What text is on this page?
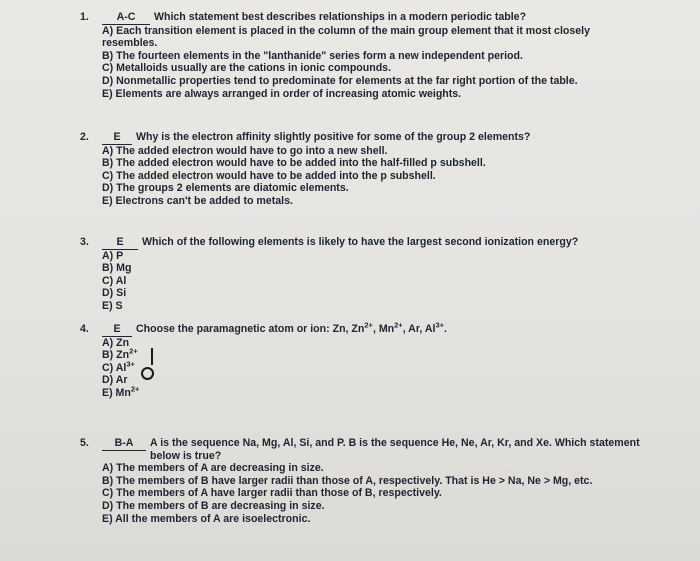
1.	A-C	Which statement best describes relationships in a modern periodic table?
A) Each transition element is placed in the column of the main group element that it most closely resembles.
B) The fourteen elements in the "lanthanide" series form a new independent period.
C) Metalloids usually are the cations in ionic compounds.
D) Nonmetallic properties tend to predominate for elements at the far right portion of the table.
E) Elements are always arranged in order of increasing atomic weights.
2.	E	Why is the electron affinity slightly positive for some of the group 2 elements?
A) The added electron would have to go into a new shell.
B) The added electron would have to be added into the half-filled p subshell.
C) The added electron would have to be added into the p subshell.
D) The groups 2 elements are diatomic elements.
E) Electrons can't be added to metals.
3.	E	Which of the following elements is likely to have the largest second ionization energy?
A) P
B) Mg
C) Al
D) Si
E) S
4.	E	Choose the paramagnetic atom or ion: Zn, $Zn^{2+}$, $Mn^{2+}$, Ar, $Al^{3+}$.
A) Zn
B) $Zn^{2+}$
C) $Al^{3+}$
D) Ar
E) $Mn^{2+}$
5.	B-A	A is the sequence Na, Mg, Al, Si, and P. B is the sequence He, Ne, Ar, Kr, and Xe. Which statement below is true?
A) The members of A are decreasing in size.
B) The members of B have larger radii than those of A, respectively. That is He > Na, Ne > Mg, etc.
C) The members of A have larger radii than those of B, respectively.
D) The members of B are decreasing in size.
E) All the members of A are isoelectronic.
